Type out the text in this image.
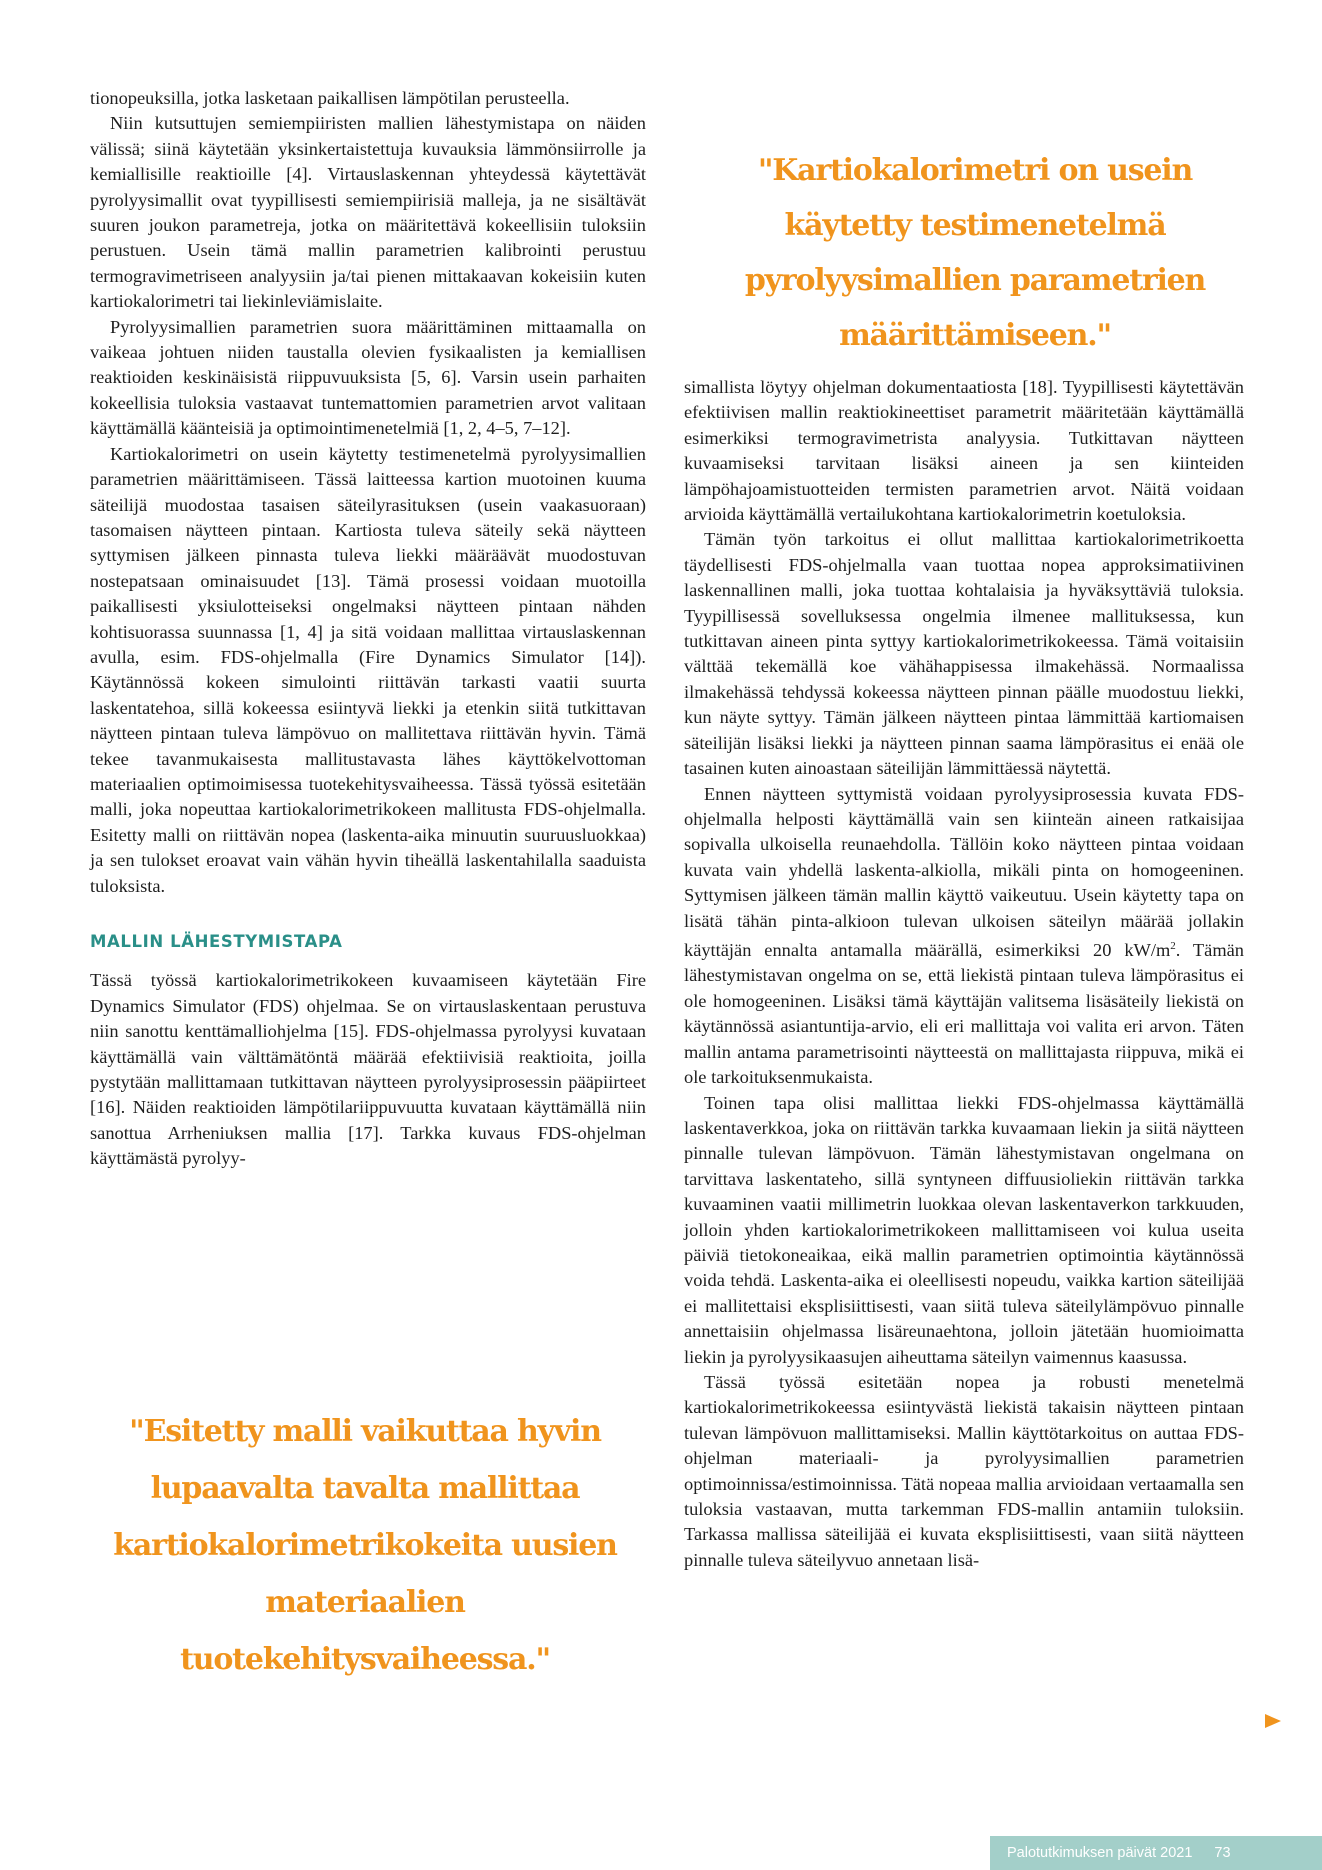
tionopeuksilla, jotka lasketaan paikallisen lämpötilan perusteella.

Niin kutsuttujen semiempiiristen mallien lähestymistapa on näiden välissä; siinä käytetään yksinkertaistettuja kuvauksia lämmönsiirrolle ja kemiallisille reaktioille [4]. Virtauslaskennan yhteydessä käytettävät pyrolyysimallit ovat tyypillisesti semiempiirisiä malleja, ja ne sisältävät suuren joukon parametreja, jotka on määritettävä kokeellisiin tuloksiin perustuen. Usein tämä mallin parametrien kalibrointi perustuu termogravimetriseen analyysiin ja/tai pienen mittakaavan kokeisiin kuten kartiokalorimetri tai liekinleviämislaite.

Pyrolyysimallien parametrien suora määrittäminen mittaamalla on vaikeaa johtuen niiden taustalla olevien fysikaalisten ja kemiallisen reaktioiden keskinäisistä riippuvuuksista [5, 6]. Varsin usein parhaiten kokeellisia tuloksia vastaavat tuntemattomien parametrien arvot valitaan käyttämällä käänteisiä ja optimointimenetelmiä [1, 2, 4–5, 7–12].

Kartiokalorimetri on usein käytetty testimenetelmä pyrolyysimallien parametrien määrittämiseen. Tässä laitteessa kartion muotoinen kuuma säteilijä muodostaa tasaisen säteilyrasituksen (usein vaakasuoraan) tasomaisen näytteen pintaan. Kartiosta tuleva säteily sekä näytteen syttymisen jälkeen pinnasta tuleva liekki määräävät muodostuvan nostepatsaan ominaisuudet [13]. Tämä prosessi voidaan muotoilla paikallisesti yksiulotteiseksi ongelmaksi näytteen pintaan nähden kohtisuorassa suunnassa [1, 4] ja sitä voidaan mallittaa virtauslaskennan avulla, esim. FDS-ohjelmalla (Fire Dynamics Simulator [14]). Käytännössä kokeen simulointi riittävän tarkasti vaatii suurta laskentatehoa, sillä kokeessa esiintyvä liekki ja etenkin siitä tutkittavan näytteen pintaan tuleva lämpövuo on mallitettava riittävän hyvin. Tämä tekee tavanmukaisesta mallitustavasta lähes käyttökelvottoman materiaalien optimoimisessa tuotekehitysvaiheessa. Tässä työssä esitetään malli, joka nopeuttaa kartiokalorimetrikokeen mallitusta FDS-ohjelmalla. Esitetty malli on riittävän nopea (laskenta-aika minuutin suuruusluokkaa) ja sen tulokset eroavat vain vähän hyvin tiheällä laskentahilalla saaduista tuloksista.

MALLIN LÄHESTYMISTAPA

Tässä työssä kartiokalorimetrikokeen kuvaamiseen käytetään Fire Dynamics Simulator (FDS) ohjelmaa. Se on virtauslaskentaan perustuva niin sanottu kenttämalliohjelma [15]. FDS-ohjelmassa pyrolyysi kuvataan käyttämällä vain välttämätöntä määrää efektiivisiä reaktioita, joilla pystytään mallittamaan tutkittavan näytteen pyrolyysiprosessin pääpiirteet [16]. Näiden reaktioiden lämpötilariippuvuutta kuvataan käyttämällä niin sanottua Arrheniuksen mallia [17]. Tarkka kuvaus FDS-ohjelman käyttämästä pyrolyy-

simallista löytyy ohjelman dokumentaatiosta [18]. Tyypillisesti käytettävän efektiivisen mallin reaktiokineettiset parametrit määritetään käyttämällä esimerkiksi termogravimetrista analyysia. Tutkittavan näytteen kuvaamiseksi tarvitaan lisäksi aineen ja sen kiinteiden lämpöhajoamistuotteiden termisten parametrien arvot. Näitä voidaan arvioida käyttämällä vertailukohtana kartiokalorimetrin koetuloksia.

Tämän työn tarkoitus ei ollut mallittaa kartiokalorimetrikoetta täydellisesti FDS-ohjelmalla vaan tuottaa nopea approksimatiivinen laskennallinen malli, joka tuottaa kohtalaisia ja hyväksyttäviä tuloksia. Tyypillisessä sovelluksessa ongelmia ilmenee mallituksessa, kun tutkittavan aineen pinta syttyy kartiokalorimetrikokeessa. Tämä voitaisiin välttää tekemällä koe vähähappisessa ilmakehässä. Normaalissa ilmakehässä tehdyssä kokeessa näytteen pinnan päälle muodostuu liekki, kun näyte syttyy. Tämän jälkeen näytteen pintaa lämmittää kartiomaisen säteilijän lisäksi liekki ja näytteen pinnan saama lämpörasitus ei enää ole tasainen kuten ainoastaan säteilijän lämmittäessä näytettä.

Ennen näytteen syttymistä voidaan pyrolyysiprosessia kuvata FDS-ohjelmalla helposti käyttämällä vain sen kiinteän aineen ratkaisijaa sopivalla ulkoisella reunaehdolla. Tällöin koko näytteen pintaa voidaan kuvata vain yhdellä laskenta-alkiolla, mikäli pinta on homogeeninen. Syttymisen jälkeen tämän mallin käyttö vaikeutuu. Usein käytetty tapa on lisätä tähän pinta-alkioon tulevan ulkoisen säteilyn määrää jollakin käyttäjän ennalta antamalla määrällä, esimerkiksi 20 $kW/m^2$. Tämän lähestymistavan ongelma on se, että liekistä pintaan tuleva lämpörasitus ei ole homogeeninen. Lisäksi tämä käyttäjän valitsema lisäsäteily liekistä on käytännössä asiantuntija-arvio, eli eri mallittaja voi valita eri arvon. Täten mallin antama parametrisointi näytteestä on mallittajasta riippuva, mikä ei ole tarkoituksenmukaista.

Toinen tapa olisi mallittaa liekki FDS-ohjelmassa käyttämällä laskentaverkkoa, joka on riittävän tarkka kuvaamaan liekin ja siitä näytteen pinnalle tulevan lämpövuon. Tämän lähestymistavan ongelmana on tarvittava laskentateho, sillä syntyneen diffuusioliekin riittävän tarkka kuvaaminen vaatii millimetrin luokkaa olevan laskentaverkon tarkkuuden, jolloin yhden kartiokalorimetrikokeen mallittamiseen voi kulua useita päiviä tietokoneaikaa, eikä mallin parametrien optimointia käytännössä voida tehdä. Laskenta-aika ei oleellisesti nopeudu, vaikka kartion säteilijää ei mallitettaisi eksplisiittisesti, vaan siitä tuleva säteilylämpövuo pinnalle annettaisiin ohjelmassa lisäreunaehtona, jolloin jätetään huomioimatta liekin ja pyrolyysikaasujen aiheuttama säteilyn vaimennus kaasussa.

Tässä työssä esitetään nopea ja robusti menetelmä kartiokalorimetrikokeessa esiintyvästä liekistä takaisin näytteen pintaan tulevan lämpövuon mallittamiseksi. Mallin käyttötarkoitus on auttaa FDS-ohjelman materiaali- ja pyrolyysimallien parametrien optimoinnissa/estimoinnissa. Tätä nopeaa mallia arvioidaan vertaamalla sen tuloksia vastaavan, mutta tarkemman FDS-mallin antamiin tuloksiin. Tarkassa mallissa säteilijää ei kuvata eksplisiittisesti, vaan siitä näytteen pinnalle tuleva säteilyvuo annetaan lisä-

"Kartiokalorimetri on usein käytetty testimenetelmä pyrolyysimallien parametrien määrittämiseen."
"Esitetty malli vaikuttaa hyvin lupaavalta tavalta mallittaa kartiokalorimetrikokeita uusien materiaalien tuotekehitysvaiheessa."
Palotutkimuksen päivät 2021 73
